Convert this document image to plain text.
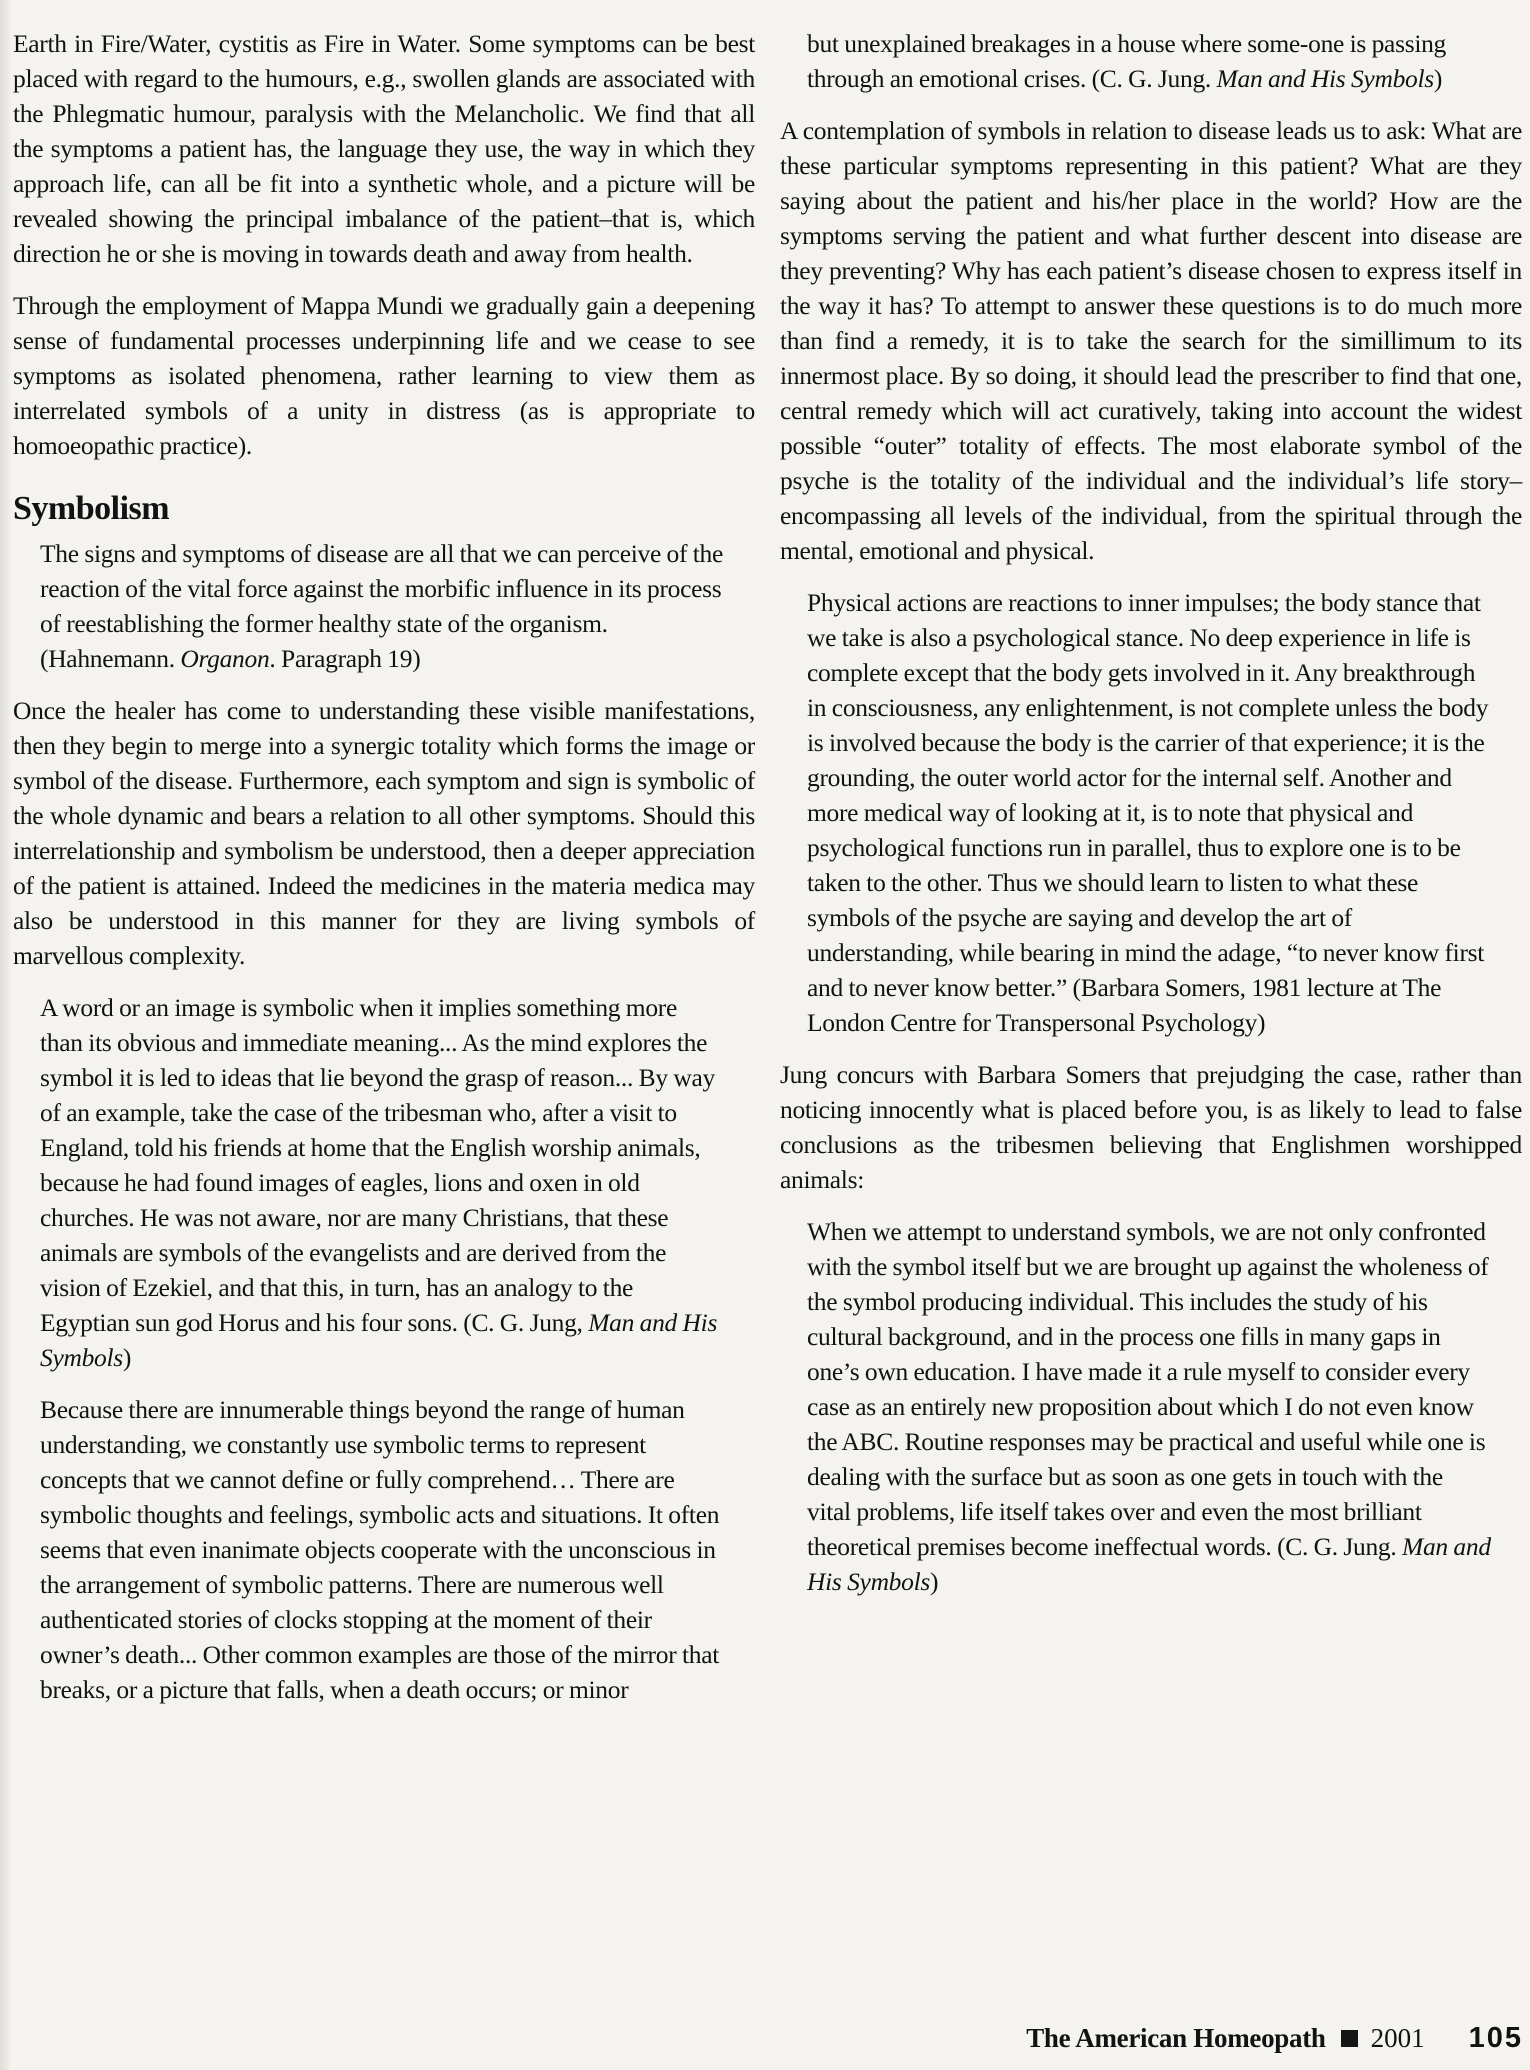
Earth in Fire/Water, cystitis as Fire in Water. Some symptoms can be best placed with regard to the humours, e.g., swollen glands are associated with the Phlegmatic humour, paralysis with the Melancholic. We find that all the symptoms a patient has, the language they use, the way in which they approach life, can all be fit into a synthetic whole, and a picture will be revealed showing the principal imbalance of the patient–that is, which direction he or she is moving in towards death and away from health.
Through the employment of Mappa Mundi we gradually gain a deepening sense of fundamental processes underpinning life and we cease to see symptoms as isolated phenomena, rather learning to view them as interrelated symbols of a unity in distress (as is appropriate to homoeopathic practice).
Symbolism
The signs and symptoms of disease are all that we can perceive of the reaction of the vital force against the morbific influence in its process of reestablishing the former healthy state of the organism. (Hahnemann. Organon. Paragraph 19)
Once the healer has come to understanding these visible manifestations, then they begin to merge into a synergic totality which forms the image or symbol of the disease. Furthermore, each symptom and sign is symbolic of the whole dynamic and bears a relation to all other symptoms. Should this interrelationship and symbolism be understood, then a deeper appreciation of the patient is attained. Indeed the medicines in the materia medica may also be understood in this manner for they are living symbols of marvellous complexity.
A word or an image is symbolic when it implies something more than its obvious and immediate meaning... As the mind explores the symbol it is led to ideas that lie beyond the grasp of reason... By way of an example, take the case of the tribesman who, after a visit to England, told his friends at home that the English worship animals, because he had found images of eagles, lions and oxen in old churches. He was not aware, nor are many Christians, that these animals are symbols of the evangelists and are derived from the vision of Ezekiel, and that this, in turn, has an analogy to the Egyptian sun god Horus and his four sons. (C. G. Jung, Man and His Symbols)
Because there are innumerable things beyond the range of human understanding, we constantly use symbolic terms to represent concepts that we cannot define or fully comprehend… There are symbolic thoughts and feelings, symbolic acts and situations. It often seems that even inanimate objects cooperate with the unconscious in the arrangement of symbolic patterns. There are numerous well authenticated stories of clocks stopping at the moment of their owner’s death... Other common examples are those of the mirror that breaks, or a picture that falls, when a death occurs; or minor
but unexplained breakages in a house where some-one is passing through an emotional crises. (C. G. Jung. Man and His Symbols)
A contemplation of symbols in relation to disease leads us to ask: What are these particular symptoms representing in this patient? What are they saying about the patient and his/her place in the world? How are the symptoms serving the patient and what further descent into disease are they preventing? Why has each patient’s disease chosen to express itself in the way it has? To attempt to answer these questions is to do much more than find a remedy, it is to take the search for the simillimum to its innermost place. By so doing, it should lead the prescriber to find that one, central remedy which will act curatively, taking into account the widest possible “outer” totality of effects. The most elaborate symbol of the psyche is the totality of the individual and the individual’s life story–encompassing all levels of the individual, from the spiritual through the mental, emotional and physical.
Physical actions are reactions to inner impulses; the body stance that we take is also a psychological stance. No deep experience in life is complete except that the body gets involved in it. Any breakthrough in consciousness, any enlightenment, is not complete unless the body is involved because the body is the carrier of that experience; it is the grounding, the outer world actor for the internal self. Another and more medical way of looking at it, is to note that physical and psychological functions run in parallel, thus to explore one is to be taken to the other. Thus we should learn to listen to what these symbols of the psyche are saying and develop the art of understanding, while bearing in mind the adage, “to never know first and to never know better.” (Barbara Somers, 1981 lecture at The London Centre for Transpersonal Psychology)
Jung concurs with Barbara Somers that prejudging the case, rather than noticing innocently what is placed before you, is as likely to lead to false conclusions as the tribesmen believing that Englishmen worshipped animals:
When we attempt to understand symbols, we are not only confronted with the symbol itself but we are brought up against the wholeness of the symbol producing individual. This includes the study of his cultural background, and in the process one fills in many gaps in one’s own education. I have made it a rule myself to consider every case as an entirely new proposition about which I do not even know the ABC. Routine responses may be practical and useful while one is dealing with the surface but as soon as one gets in touch with the vital problems, life itself takes over and even the most brilliant theoretical premises become ineffectual words. (C. G. Jung. Man and His Symbols)
The American Homeopath 2001 105
